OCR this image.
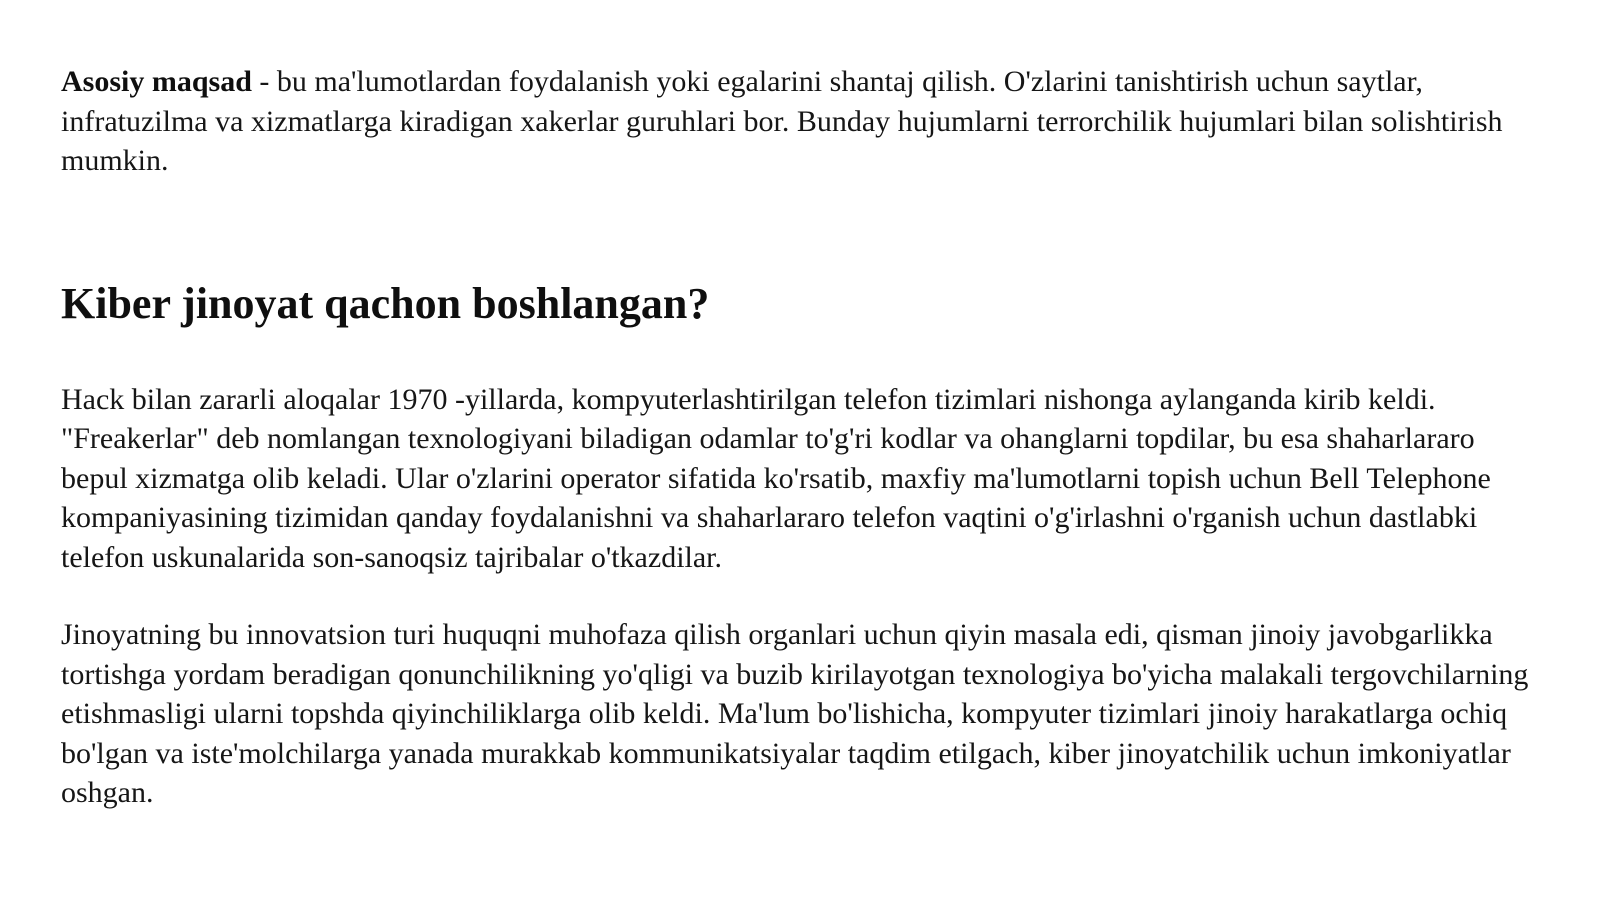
Asosiy maqsad - bu ma'lumotlardan foydalanish yoki egalarini shantaj qilish. O'zlarini tanishtirish uchun saytlar, infratuzilma va xizmatlarga kiradigan xakerlar guruhlari bor. Bunday hujumlarni terrorchilik hujumlari bilan solishtirish mumkin.

Kiber jinoyat qachon boshlangan?

Hack bilan zararli aloqalar 1970 -yillarda, kompyuterlashtirilgan telefon tizimlari nishonga aylanganda kirib keldi. "Freakerlar" deb nomlangan texnologiyani biladigan odamlar to'g'ri kodlar va ohanglarni topdilar, bu esa shaharlararo bepul xizmatga olib keladi. Ular o'zlarini operator sifatida ko'rsatib, maxfiy ma'lumotlarni topish uchun Bell Telephone kompaniyasining tizimidan qanday foydalanishni va shaharlararo telefon vaqtini o'g'irlashni o'rganish uchun dastlabki telefon uskunalarida son-sanoqsiz tajribalar o'tkazdilar.

Jinoyatning bu innovatsion turi huquqni muhofaza qilish organlari uchun qiyin masala edi, qisman jinoiy javobgarlikka tortishga yordam beradigan qonunchilikning yo'qligi va buzib kirilayotgan texnologiya bo'yicha malakali tergovchilarning etishmasligi ularni topshda qiyinchiliklarga olib keldi. Ma'lum bo'lishicha, kompyuter tizimlari jinoiy harakatlarga ochiq bo'lgan va iste'molchilarga yanada murakkab kommunikatsiyalar taqdim etilgach, kiber jinoyatchilik uchun imkoniyatlar oshgan.
